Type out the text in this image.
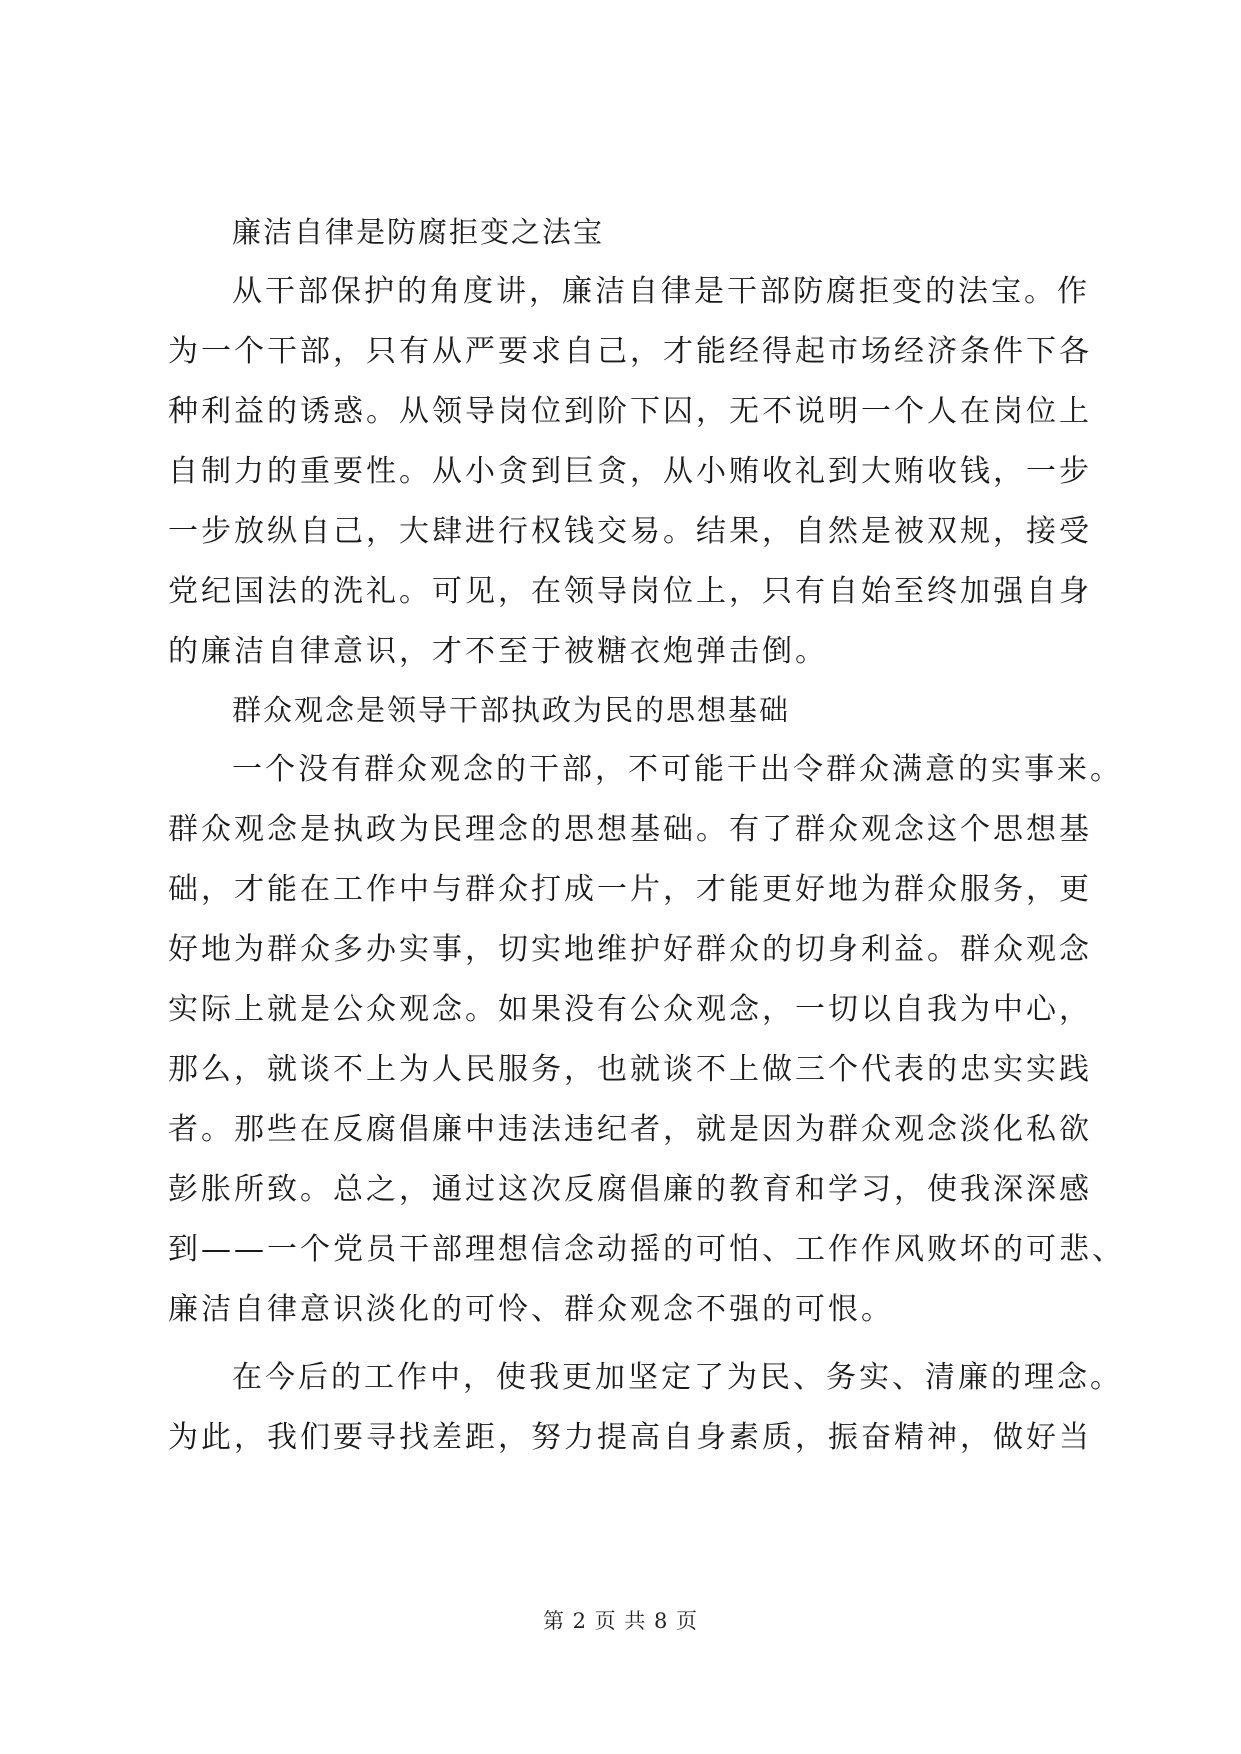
廉洁自律是防腐拒变之法宝
从干部保护的角度讲，廉洁自律是干部防腐拒变的法宝。作
为一个干部，只有从严要求自己，才能经得起市场经济条件下各
种利益的诱惑。从领导岗位到阶下囚，无不说明一个人在岗位上
自制力的重要性。从小贪到巨贪，从小贿收礼到大贿收钱，一步
一步放纵自己，大肆进行权钱交易。结果，自然是被双规，接受
党纪国法的洗礼。可见，在领导岗位上，只有自始至终加强自身
的廉洁自律意识，才不至于被糖衣炮弹击倒。
群众观念是领导干部执政为民的思想基础
一个没有群众观念的干部，不可能干出令群众满意的实事来。
群众观念是执政为民理念的思想基础。有了群众观念这个思想基
础，才能在工作中与群众打成一片，才能更好地为群众服务，更
好地为群众多办实事，切实地维护好群众的切身利益。群众观念
实际上就是公众观念。如果没有公众观念，一切以自我为中心，
那么，就谈不上为人民服务，也就谈不上做三个代表的忠实实践
者。那些在反腐倡廉中违法违纪者，就是因为群众观念淡化私欲
彭胀所致。总之，通过这次反腐倡廉的教育和学习，使我深深感
到——一个党员干部理想信念动摇的可怕、工作作风败坏的可悲、
廉洁自律意识淡化的可怜、群众观念不强的可恨。
在今后的工作中，使我更加坚定了为民、务实、清廉的理念。
为此，我们要寻找差距，努力提高自身素质，振奋精神，做好当
第 2 页 共 8 页
